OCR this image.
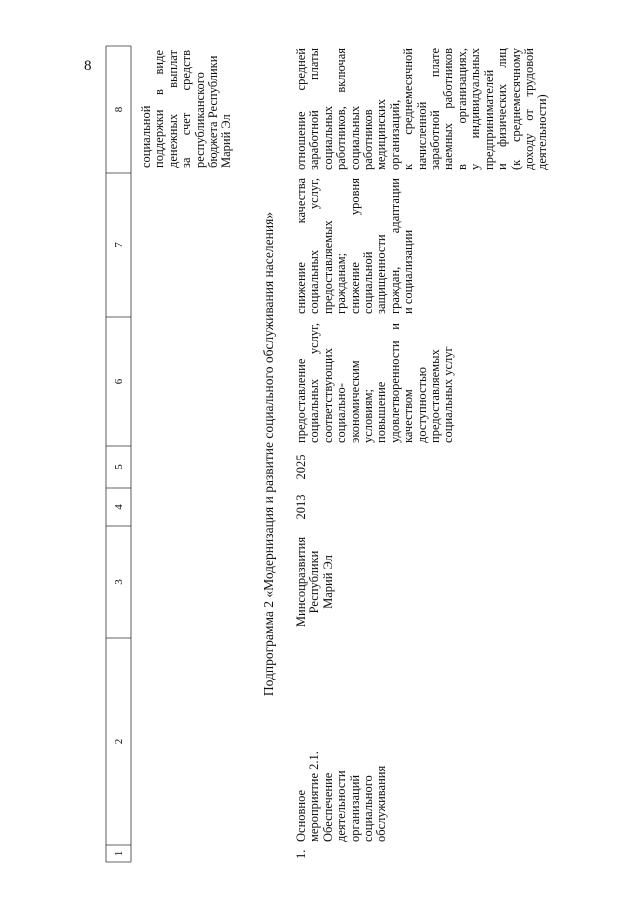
8
1
2
3
4
5
6
7
8	социальной поддержки в виде денежных выплат за счет средств республиканского бюджета Республики Марий Эл
Подпрограмма 2 «Модернизация и развитие социального обслуживания населения»
1.
Основное мероприятие 2.1. Обеспечение деятельности организаций социального обслуживания
Минсоцразвития Республики Марий Эл
2013
2025
предоставление социальных услуг, соответствующих социально- экономическим условиям; повышение удовлетворенности и качеством доступностью предоставляемых социальных услуг
снижение качества социальных услуг, предоставляемых гражданам; снижение уровня социальной защищенности граждан, адаптации и социализации
отношение средней заработной платы социальных работников, включая социальных работников медицинских организаций, к среднемесячной начисленной заработной плате наемных работников в организациях, у индивидуальных предпринимателей и физических лиц (к среднемесячному доходу от трудовой деятельности)
